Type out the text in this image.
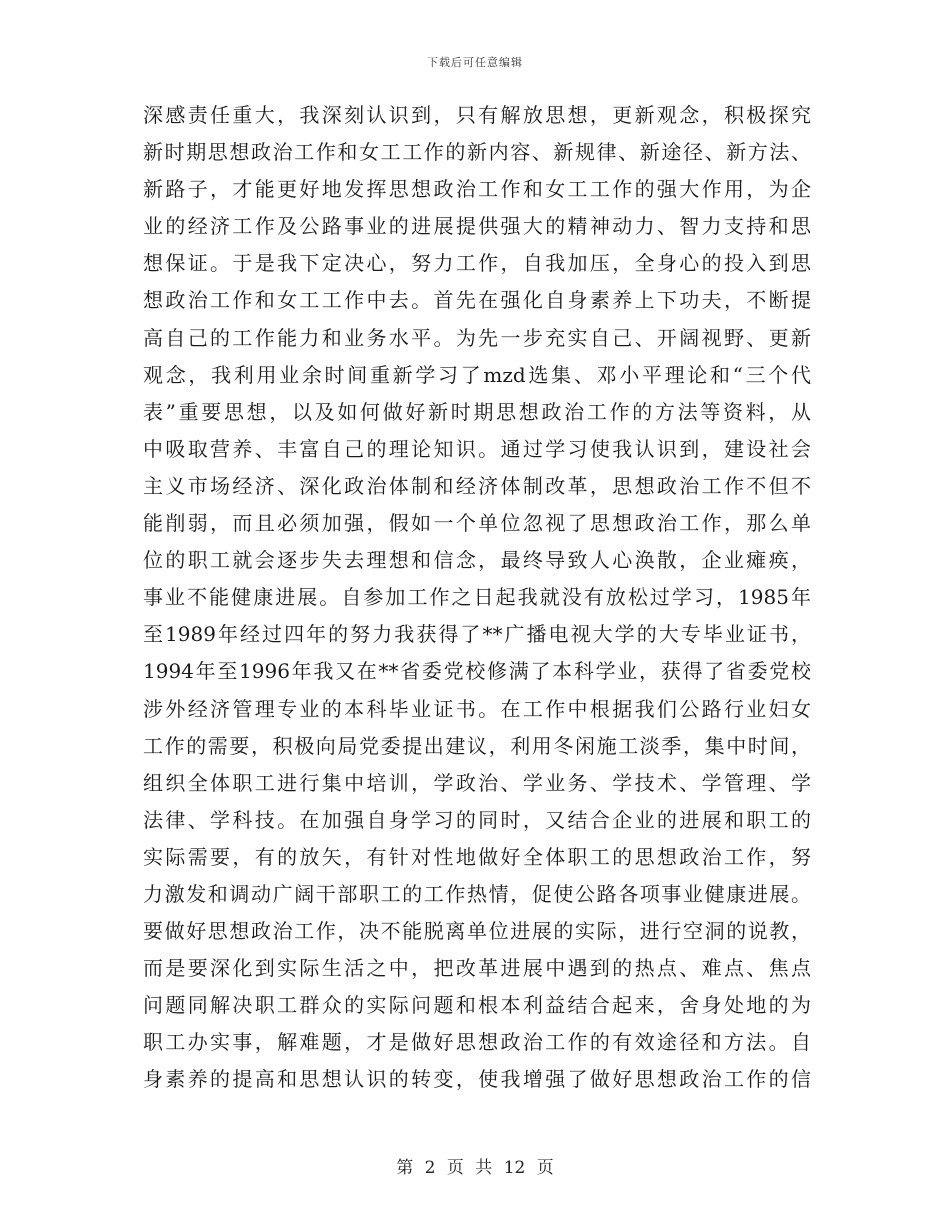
下载后可任意编辑
深感责任重大，我深刻认识到，只有解放思想，更新观念，积极探究
新时期思想政治工作和女工工作的新内容、新规律、新途径、新方法、
新路子，才能更好地发挥思想政治工作和女工工作的强大作用，为企
业的经济工作及公路事业的进展提供强大的精神动力、智力支持和思
想保证。于是我下定决心，努力工作，自我加压，全身心的投入到思
想政治工作和女工工作中去。首先在强化自身素养上下功夫，不断提
高自己的工作能力和业务水平。为先一步充实自己、开阔视野、更新
观念，我利用业余时间重新学习了mzd选集、邓小平理论和“三个代
表”重要思想，以及如何做好新时期思想政治工作的方法等资料，从
中吸取营养、丰富自己的理论知识。通过学习使我认识到，建设社会
主义市场经济、深化政治体制和经济体制改革，思想政治工作不但不
能削弱，而且必须加强，假如一个单位忽视了思想政治工作，那么单
位的职工就会逐步失去理想和信念，最终导致人心涣散，企业瘫痪，
事业不能健康进展。自参加工作之日起我就没有放松过学习，1985年
至1989年经过四年的努力我获得了**广播电视大学的大专毕业证书，
1994年至1996年我又在**省委党校修满了本科学业，获得了省委党校
涉外经济管理专业的本科毕业证书。在工作中根据我们公路行业妇女
工作的需要，积极向局党委提出建议，利用冬闲施工淡季，集中时间，
组织全体职工进行集中培训，学政治、学业务、学技术、学管理、学
法律、学科技。在加强自身学习的同时，又结合企业的进展和职工的
实际需要，有的放矢，有针对性地做好全体职工的思想政治工作，努
力激发和调动广阔干部职工的工作热情，促使公路各项事业健康进展。
要做好思想政治工作，决不能脱离单位进展的实际，进行空洞的说教，
而是要深化到实际生活之中，把改革进展中遇到的热点、难点、焦点
问题同解决职工群众的实际问题和根本利益结合起来，舍身处地的为
职工办实事，解难题，才是做好思想政治工作的有效途径和方法。自
身素养的提高和思想认识的转变，使我增强了做好思想政治工作的信
第 2 页 共 12 页
